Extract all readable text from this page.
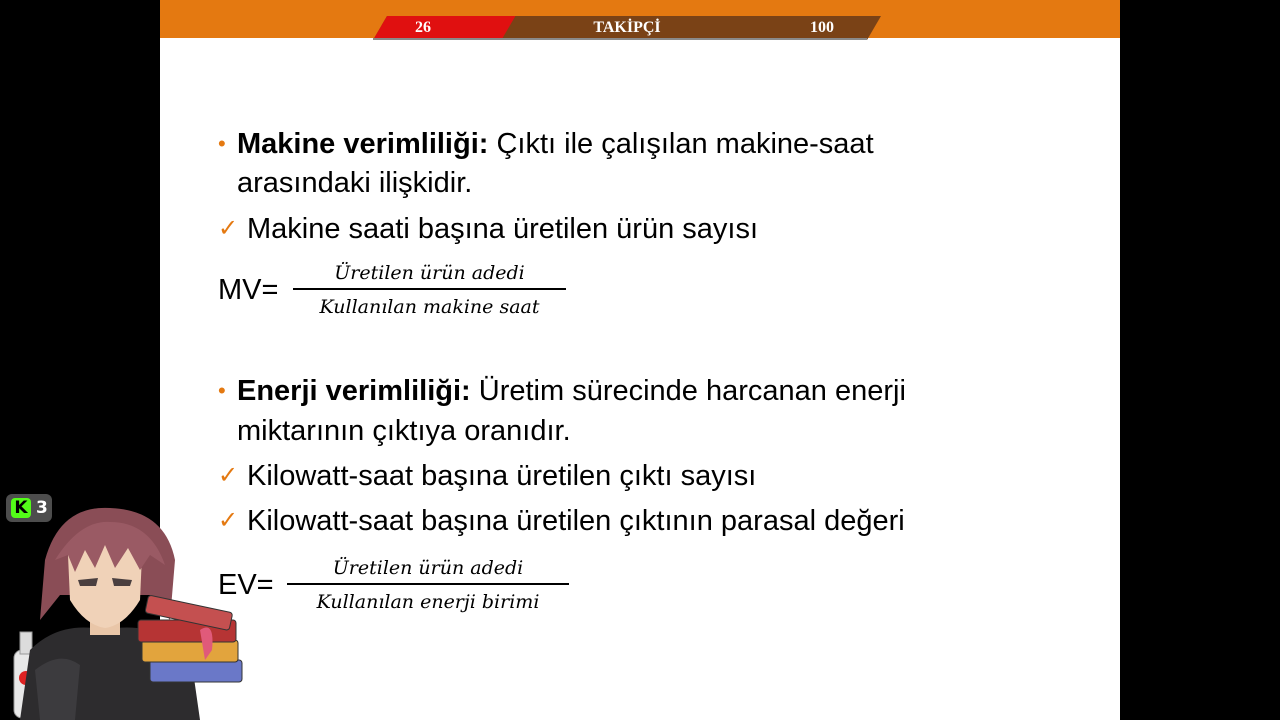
26	TAKİPÇİ	100
• Makine verimliliği: Çıktı ile çalışılan makine-saat
arasındaki ilişkidir.
✓ Makine saati başına üretilen ürün sayısı
MV=
Üretilen ürün adedi
Kullanılan makine saat
• Enerji verimliliği: Üretim sürecinde harcanan enerji
miktarının çıktıya oranıdır.
✓ Kilowatt-saat başına üretilen çıktı sayısı
✓ Kilowatt-saat başına üretilen çıktının parasal değeri
EV=
Üretilen ürün adedi
Kullanılan enerji birimi
K 3
